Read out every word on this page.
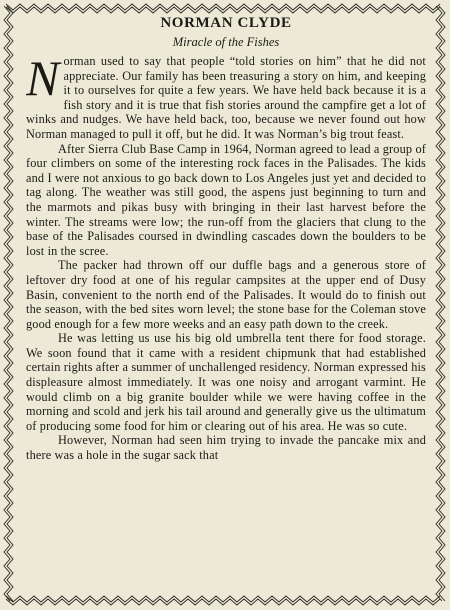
NORMAN CLYDE
Miracle of the Fishes

Norman used to say that people “told stories on him” that he did not appreciate. Our family has been treasuring a story on him, and keeping it to ourselves for quite a few years. We have held back because it is a fish story and it is true that fish stories around the campfire get a lot of winks and nudges. We have held back, too, because we never found out how Norman managed to pull it off, but he did. It was Norman’s big trout feast.

After Sierra Club Base Camp in 1964, Norman agreed to lead a group of four climbers on some of the interesting rock faces in the Palisades. The kids and I were not anxious to go back down to Los Angeles just yet and decided to tag along. The weather was still good, the aspens just beginning to turn and the marmots and pikas busy with bringing in their last harvest before the winter. The streams were low; the run-off from the glaciers that clung to the base of the Palisades coursed in dwindling cascades down the boulders to be lost in the scree.

The packer had thrown off our duffle bags and a generous store of leftover dry food at one of his regular campsites at the upper end of Dusy Basin, convenient to the north end of the Palisades. It would do to finish out the season, with the bed sites worn level; the stone base for the Coleman stove good enough for a few more weeks and an easy path down to the creek.

He was letting us use his big old umbrella tent there for food storage. We soon found that it came with a resident chipmunk that had established certain rights after a summer of unchallenged residency. Norman expressed his displeasure almost immediately. It was one noisy and arrogant varmint. He would climb on a big granite boulder while we were having coffee in the morning and scold and jerk his tail around and generally give us the ultimatum of producing some food for him or clearing out of his area. He was so cute.

However, Norman had seen him trying to invade the pancake mix and there was a hole in the sugar sack that
